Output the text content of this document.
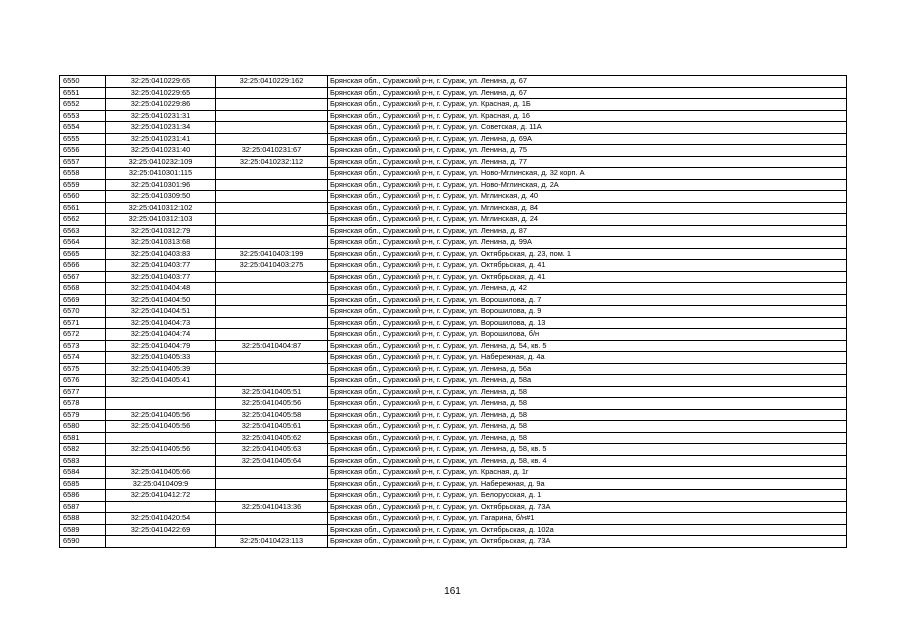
6550	32:25:0410229:65	32:25:0410229:162	Брянская обл., Суражский р-н, г. Сураж, ул. Ленина, д. 67
6551	32:25:0410229:65		Брянская обл., Суражский р-н, г. Сураж, ул. Ленина, д. 67
6552	32:25:0410229:86		Брянская обл., Суражский р-н, г. Сураж, ул. Красная, д. 1Б
6553	32:25:0410231:31		Брянская обл., Суражский р-н, г. Сураж, ул. Красная, д. 16
6554	32:25:0410231:34		Брянская обл., Суражский р-н, г. Сураж, ул. Советская, д. 11А
6555	32:25:0410231:41		Брянская обл., Суражский р-н, г. Сураж, ул. Ленина, д. 69А
6556	32:25:0410231:40	32:25:0410231:67	Брянская обл., Суражский р-н, г. Сураж, ул. Ленина, д. 75
6557	32:25:0410232:109	32:25:0410232:112	Брянская обл., Суражский р-н, г. Сураж, ул. Ленина, д. 77
6558	32:25:0410301:115		Брянская обл., Суражский р-н, г. Сураж, ул. Ново-Мглинская, д. 32 корп. А
6559	32:25:0410301:96		Брянская обл., Суражский р-н, г. Сураж, ул. Ново-Мглинская, д. 2А
6560	32:25:0410309:50		Брянская обл., Суражский р-н, г. Сураж, ул. Мглинская, д. 40
6561	32:25:0410312:102		Брянская обл., Суражский р-н, г. Сураж, ул. Мглинская, д. 84
6562	32:25:0410312:103		Брянская обл., Суражский р-н, г. Сураж, ул. Мглинская, д. 24
6563	32:25:0410312:79		Брянская обл., Суражский р-н, г. Сураж, ул. Ленина, д. 87
6564	32:25:0410313:68		Брянская обл., Суражский р-н, г. Сураж, ул. Ленина, д. 99А
6565	32:25:0410403:83	32:25:0410403:199	Брянская обл., Суражский р-н, г. Сураж, ул. Октябрьская, д. 23, пом. 1
6566	32:25:0410403:77	32:25:0410403:275	Брянская обл., Суражский р-н, г. Сураж, ул. Октябрьская, д. 41
6567	32:25:0410403:77		Брянская обл., Суражский р-н, г. Сураж, ул. Октябрьская, д. 41
6568	32:25:0410404:48		Брянская обл., Суражский р-н, г. Сураж, ул. Ленина, д. 42
6569	32:25:0410404:50		Брянская обл., Суражский р-н, г. Сураж, ул. Ворошилова, д. 7
6570	32:25:0410404:51		Брянская обл., Суражский р-н, г. Сураж, ул. Ворошилова, д. 9
6571	32:25:0410404:73		Брянская обл., Суражский р-н, г. Сураж, ул. Ворошилова, д. 13
6572	32:25:0410404:74		Брянская обл., Суражский р-н, г. Сураж, ул. Ворошилова, б/н
6573	32:25:0410404:79	32:25:0410404:87	Брянская обл., Суражский р-н, г. Сураж, ул. Ленина, д. 54, кв. 5
6574	32:25:0410405:33		Брянская обл., Суражский р-н, г. Сураж, ул. Набережная, д. 4а
6575	32:25:0410405:39		Брянская обл., Суражский р-н, г. Сураж, ул. Ленина, д. 56а
6576	32:25:0410405:41		Брянская обл., Суражский р-н, г. Сураж, ул. Ленина, д. 58а
6577		32:25:0410405:51	Брянская обл., Суражский р-н, г. Сураж, ул. Ленина, д. 58
6578		32:25:0410405:56	Брянская обл., Суражский р-н, г. Сураж, ул. Ленина, д. 58
6579	32:25:0410405:56	32:25:0410405:58	Брянская обл., Суражский р-н, г. Сураж, ул. Ленина, д. 58
6580	32:25:0410405:56	32:25:0410405:61	Брянская обл., Суражский р-н, г. Сураж, ул. Ленина, д. 58
6581		32:25:0410405:62	Брянская обл., Суражский р-н, г. Сураж, ул. Ленина, д. 58
6582	32:25:0410405:56	32:25:0410405:63	Брянская обл., Суражский р-н, г. Сураж, ул. Ленина, д. 58, кв. 5
6583		32:25:0410405:64	Брянская обл., Суражский р-н, г. Сураж, ул. Ленина, д. 58, кв. 4
6584	32:25:0410405:66		Брянская обл., Суражский р-н, г. Сураж, ул. Красная, д. 1г
6585	32:25:0410409:9		Брянская обл., Суражский р-н, г. Сураж, ул. Набережная, д. 9а
6586	32:25:0410412:72		Брянская обл., Суражский р-н, г. Сураж, ул. Белорусская, д. 1
6587		32:25:0410413:36	Брянская обл., Суражский р-н, г. Сураж, ул. Октябрьская, д. 73А
6588	32:25:0410420:54		Брянская обл., Суражский р-н, г. Сураж, ул. Гагарина, б/н#1
6589	32:25:0410422:69		Брянская обл., Суражский р-н, г. Сураж, ул. Октябрьская, д. 102а
6590		32:25:0410423:113	Брянская обл., Суражский р-н, г. Сураж, ул. Октябрьская, д. 73А
161
